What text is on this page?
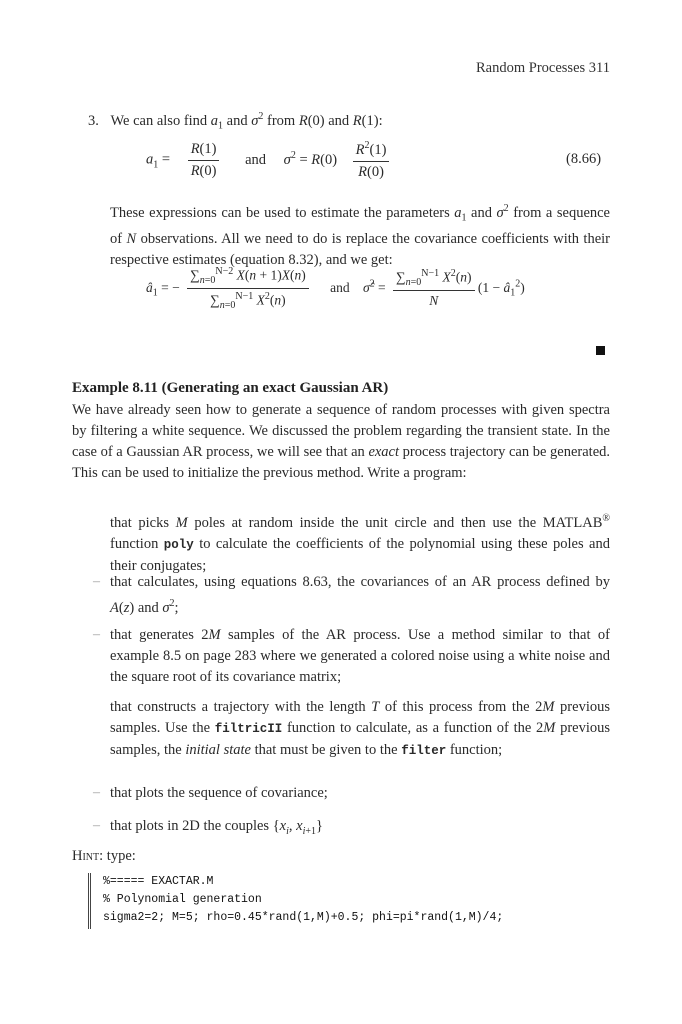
Random Processes 311
3. We can also find $a_1$ and $\sigma^2$ from R(0) and R(1):
$a_1 = \frac{R(1)}{R(0)}$ and $\sigma^2 = R(0) \frac{R^2(1)}{R(0)}$	(8.66)
These expressions can be used to estimate the parameters $a_1$ and $\sigma^2$ from a sequence of N observations. All we need to do is replace the covariance coefficients with their respective estimates (equation 8.32), and we get:
$â_1$ = − $\frac{\sum_{n=0}^{N-2} X(n + 1)X(n)}{\sum_{n=0}^{N-1} X^2(n)}$ and σ̂$^2$ = $\frac{\sum_{n=0}^{N-1} X^2(n)}{N} (1$ − $â_1^2$)
Example 8.11 (Generating an exact Gaussian AR)
We have already seen how to generate a sequence of random processes with given spectra by filtering a white sequence. We discussed the problem regarding the transient state. In the case of a Gaussian AR process, we will see that an exact process trajectory can be generated. This can be used to initialize the previous method. Write a program:
that picks M poles at random inside the unit circle and then use the MATLAB® function poly to calculate the coefficients of the polynomial using these poles and their conjugates;
– that calculates, using equations 8.63, the covariances of an AR process defined by A(z) and $\sigma^2$;
– that generates 2M samples of the AR process. Use a method similar to that of example 8.5 on page 283 where we generated a colored noise using a white noise and the square root of its covariance matrix;
that constructs a trajectory with the length T of this process from the 2M previous samples. Use the filtricII function to calculate, as a function of the 2M previous samples, the initial state that must be given to the filter function;
– that plots the sequence of covariance;
– that plots in 2D the couples {$x_i$, $x_{i+1}$}
Hint: type:
%===== EXACTAR.M
% Polynomial generation
sigma2=2; M=5; rho=0.45*rand(1,M)+0.5; phi=pi*rand(1,M)/4;
